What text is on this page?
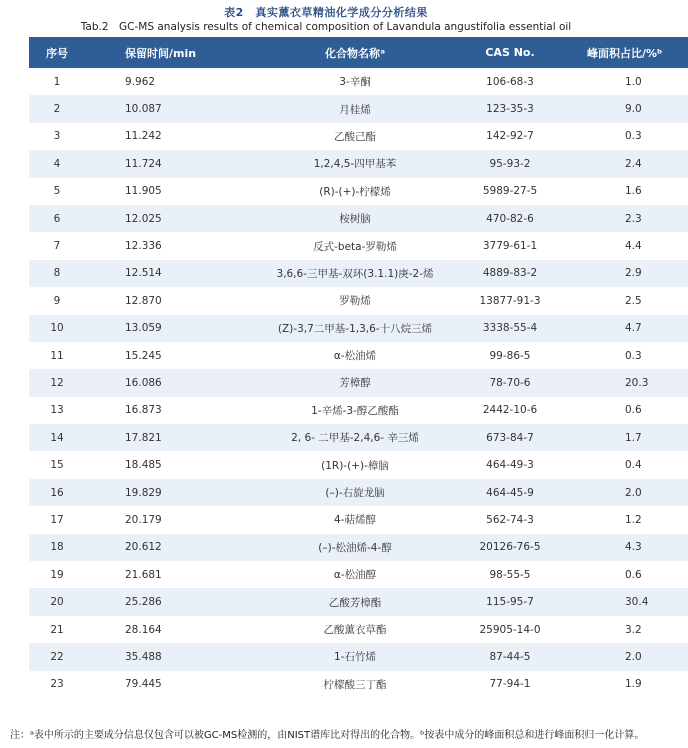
表2　真实薰衣草精油化学成分分析结果
Tab.2　GC-MS analysis results of chemical composition of Lavandula angustifolia essential oil
序号	保留时间/min	化合物名称ᵃ	CAS No.	峰面积占比/%ᵇ
1	9.962	3-辛酮	106-68-3	1.0
2	10.087	月桂烯	123-35-3	9.0
3	11.242	乙酸己酯	142-92-7	0.3
4	11.724	1,2,4,5-四甲基苯	95-93-2	2.4
5	11.905	(R)-(+)-柠檬烯	5989-27-5	1.6
6	12.025	桉树脑	470-82-6	2.3
7	12.336	反式-beta-罗勒烯	3779-61-1	4.4
8	12.514	3,6,6-三甲基-双环(3.1.1)庚-2-烯	4889-83-2	2.9
9	12.870	罗勒烯	13877-91-3	2.5
10	13.059	(Z)-3,7二甲基-1,3,6-十八烷三烯	3338-55-4	4.7
11	15.245	α-松油烯	99-86-5	0.3
12	16.086	芳樟醇	78-70-6	20.3
13	16.873	1-辛烯-3-醇乙酸酯	2442-10-6	0.6
14	17.821	2, 6- 二甲基-2,4,6- 辛三烯	673-84-7	1.7
15	18.485	(1R)-(+)-樟脑	464-49-3	0.4
16	19.829	(–)-右旋龙脑	464-45-9	2.0
17	20.179	4-萜烯醇	562-74-3	1.2
18	20.612	(–)-松油烯-4-醇	20126-76-5	4.3
19	21.681	α-松油醇	98-55-5	0.6
20	25.286	乙酸芳樟酯	115-95-7	30.4
21	28.164	乙酸薰衣草酯	25905-14-0	3.2
22	35.488	1-石竹烯	87-44-5	2.0
23	79.445	柠檬酸三丁酯	77-94-1	1.9
注：ᵃ表中所示的主要成分信息仅包含可以被GC-MS检测的，由NIST谱库比对得出的化合物。ᵇ按表中成分的峰面积总和进行峰面积归一化计算。
